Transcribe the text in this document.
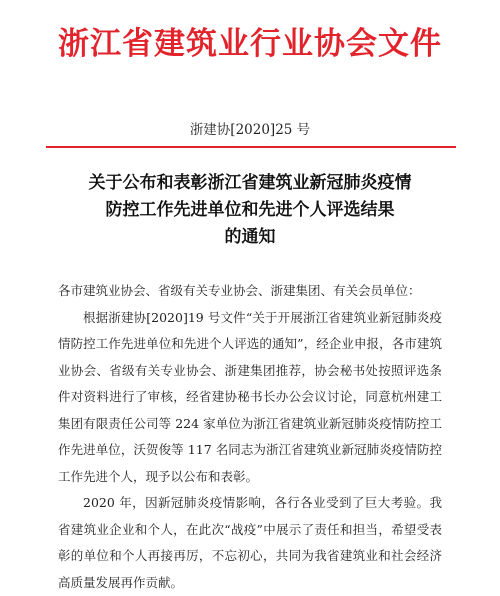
浙江省建筑业行业协会文件
浙建协[2020]25 号
关于公布和表彰浙江省建筑业新冠肺炎疫情
防控工作先进单位和先进个人评选结果
的通知

各市建筑业协会、省级有关专业协会、浙建集团、有关会员单位：

根据浙建协[2020]19 号文件“关于开展浙江省建筑业新冠肺炎疫情防控工作先进单位和先进个人评选的通知”，经企业申报，各市建筑业协会、省级有关专业协会、浙建集团推荐，协会秘书处按照评选条件对资料进行了审核，经省建协秘书长办公会议讨论，同意杭州建工集团有限责任公司等 224 家单位为浙江省建筑业新冠肺炎疫情防控工作先进单位，沃贺俊等 117 名同志为浙江省建筑业新冠肺炎疫情防控工作先进个人，现予以公布和表彰。

2020 年，因新冠肺炎疫情影响，各行各业受到了巨大考验。我省建筑业企业和个人，在此次“战疫”中展示了责任和担当，希望受表彰的单位和个人再接再厉，不忘初心，共同为我省建筑业和社会经济高质量发展再作贡献。
